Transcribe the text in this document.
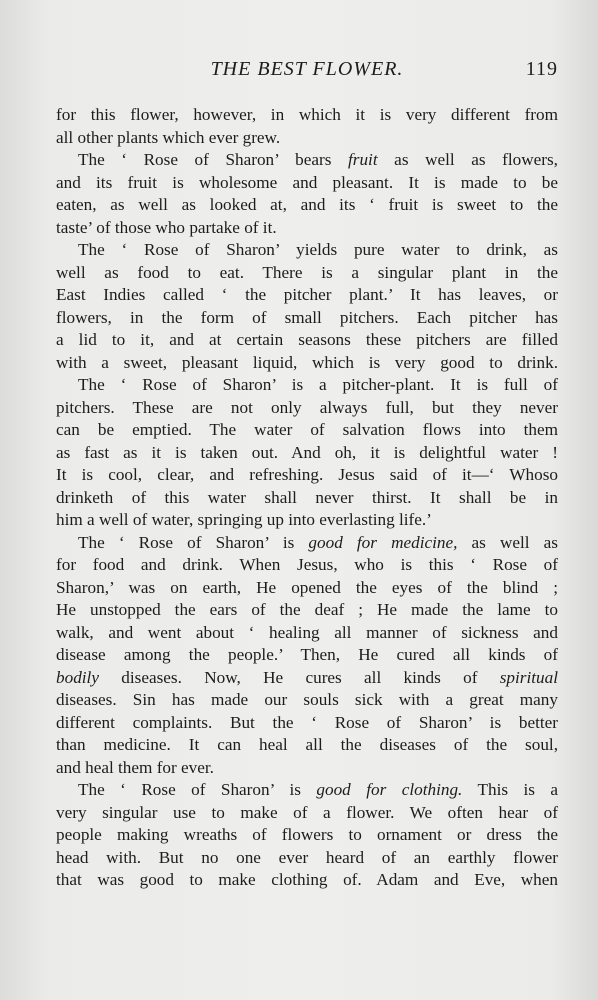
THE BEST FLOWER.	119
for this flower, however, in which it is very different from
all other plants which ever grew.
The ‘ Rose of Sharon’ bears fruit as well as flowers,
and its fruit is wholesome and pleasant. It is made to be
eaten, as well as looked at, and its ‘ fruit is sweet to the
taste’ of those who partake of it.
The ‘ Rose of Sharon’ yields pure water to drink, as
well as food to eat. There is a singular plant in the
East Indies called ‘ the pitcher plant.’ It has leaves, or
flowers, in the form of small pitchers. Each pitcher has
a lid to it, and at certain seasons these pitchers are filled
with a sweet, pleasant liquid, which is very good to drink.
The ‘ Rose of Sharon’ is a pitcher-plant. It is full of
pitchers. These are not only always full, but they never
can be emptied. The water of salvation flows into them
as fast as it is taken out. And oh, it is delightful water !
It is cool, clear, and refreshing. Jesus said of it—‘ Whoso
drinketh of this water shall never thirst. It shall be in
him a well of water, springing up into everlasting life.’
The ‘ Rose of Sharon’ is good for medicine, as well as
for food and drink. When Jesus, who is this ‘ Rose of
Sharon,’ was on earth, He opened the eyes of the blind ;
He unstopped the ears of the deaf ; He made the lame to
walk, and went about ‘ healing all manner of sickness and
disease among the people.’ Then, He cured all kinds of
bodily diseases. Now, He cures all kinds of spiritual
diseases. Sin has made our souls sick with a great many
different complaints. But the ‘ Rose of Sharon’ is better
than medicine. It can heal all the diseases of the soul,
and heal them for ever.
The ‘ Rose of Sharon’ is good for clothing. This is a
very singular use to make of a flower. We often hear of
people making wreaths of flowers to ornament or dress the
head with. But no one ever heard of an earthly flower
that was good to make clothing of. Adam and Eve, when
